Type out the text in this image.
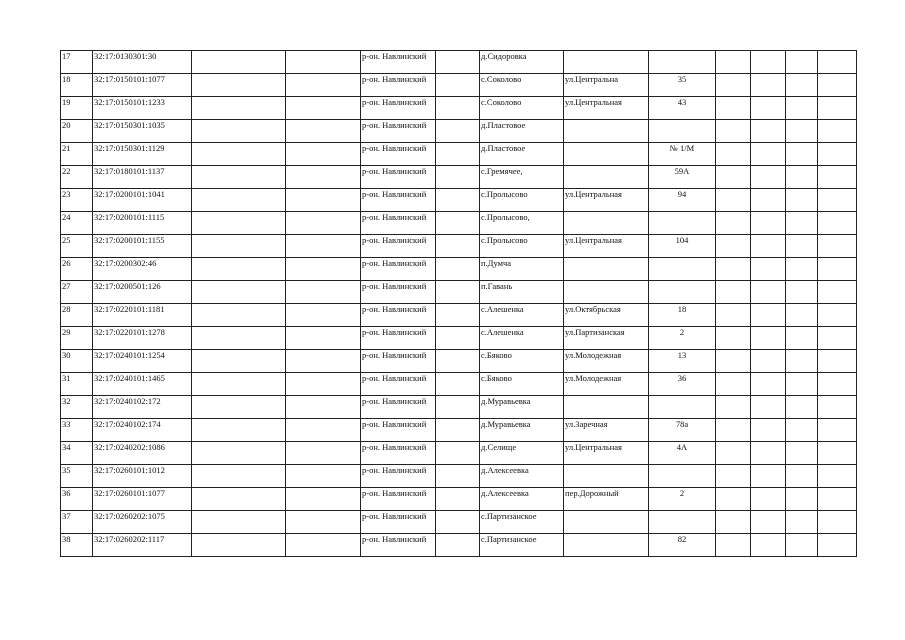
17	32:17:0130301:30			р-он. Навлинский		д.Сидоровка						
18	32:17:0150101:1077			р-он. Навлинский		с.Соколово	ул.Центральна	35				
19	32:17:0150101:1233			р-он. Навлинский		с.Соколово	ул.Центральная	43				
20	32:17:0150301:1035			р-он. Навлинский		д.Пластовое						
21	32:17:0150301:1129			р-он. Навлинский		д.Пластовое		№ 1/М				
22	32:17:0180101:1137			р-он. Навлинский		с.Гремячее,		59А				
23	32:17:0200101:1041			р-он. Навлинский		с.Пролысово	ул.Центральная	94				
24	32:17:0200101:1115			р-он. Навлинский		с.Пролысово,						
25	32:17:0200101:1155			р-он. Навлинский		с.Пролысово	ул.Центральная	104				
26	32:17:0200302:46			р-он. Навлинский		п.Думча						
27	32:17:0200501:126			р-он. Навлинский		п.Гавань						
28	32:17:0220101:1181			р-он. Навлинский		с.Алешенка	ул.Октябрьская	18				
29	32:17:0220101:1278			р-он. Навлинский		с.Алешенка	ул.Партизанская	2				
30	32:17:0240101:1254			р-он. Навлинский		с.Бяково	ул.Молодежная	13				
31	32:17:0240101:1465			р-он. Навлинский		с.Бяково	ул.Молодежная	36				
32	32:17:0240102:172			р-он. Навлинский		д.Муравьевка						
33	32:17:0240102:174			р-он. Навлинский		д.Муравьевка	ул.Заречная	78а				
34	32:17:0240202:1086			р-он. Навлинский		д.Селище	ул.Центральная	4А				
35	32:17:0260101:1012			р-он. Навлинский		д.Алексеевка						
36	32:17:0260101:1077			р-он. Навлинский		д.Алексеевка	пер.Дорожный	2				
37	32:17:0260202:1075			р-он. Навлинский		с.Партизанское						
38	32:17:0260202:1117			р-он. Навлинский		с.Партизанское		82				
